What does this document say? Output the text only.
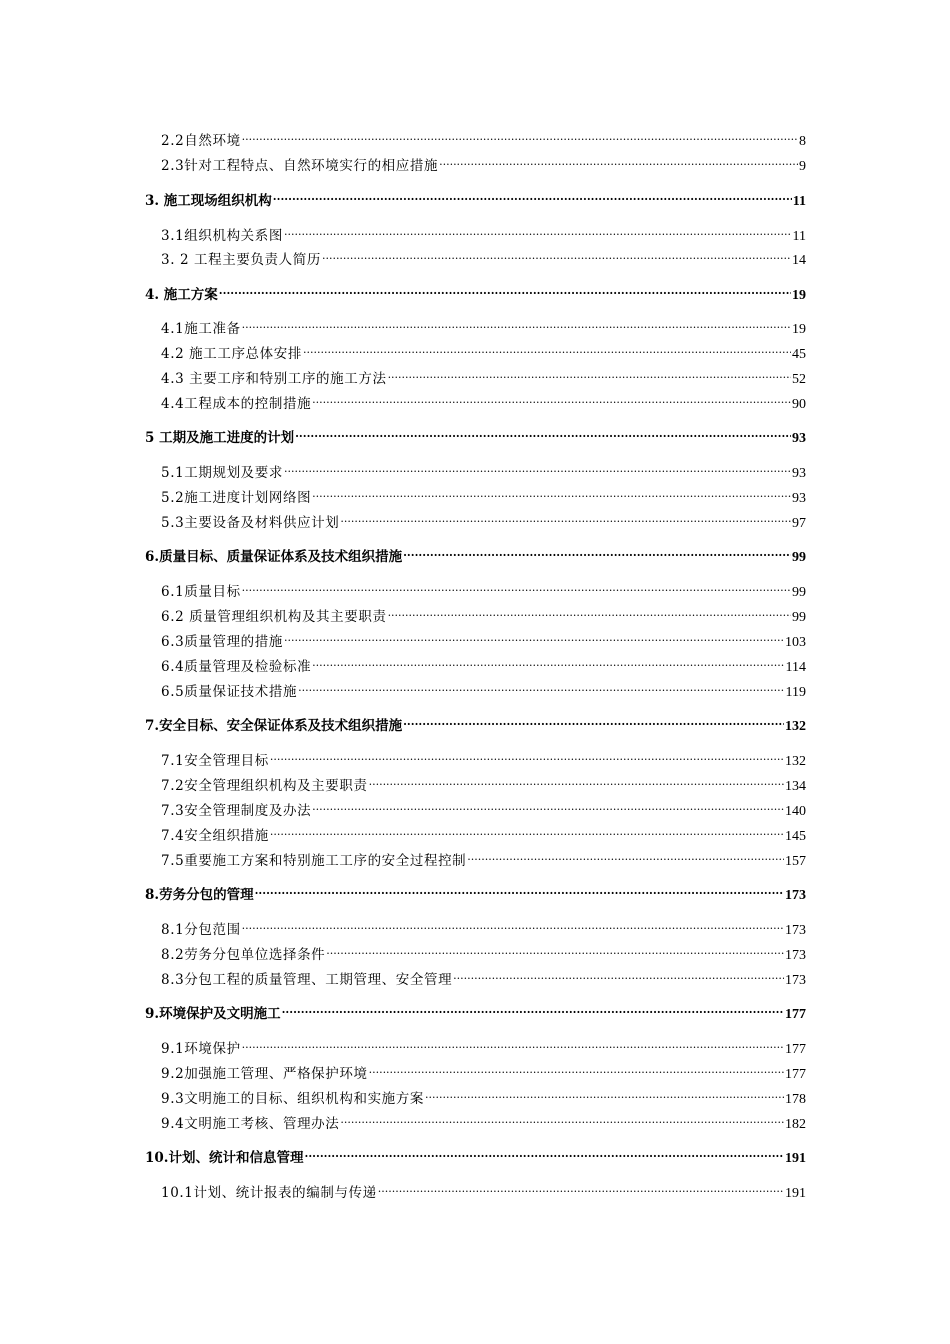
2.2自然环境 .....	8
2.3针对工程特点、自然环境实行的相应措施 .....	9
3. 施工现场组织机构 .....	11
3.1组织机构关系图 .....	11
3. 2 工程主要负责人简历 .....	14
4. 施工方案 .....	19
4.1施工准备 .....	19
4.2 施工工序总体安排 .....	45
4.3 主要工序和特别工序的施工方法 .....	52
4.4工程成本的控制措施 .....	90
5 工期及施工进度的计划 .....	93
5.1工期规划及要求 .....	93
5.2施工进度计划网络图 .....	93
5.3主要设备及材料供应计划 .....	97
6.质量目标、质量保证体系及技术组织措施 .....	99
6.1质量目标 .....	99
6.2 质量管理组织机构及其主要职责 .....	99
6.3质量管理的措施 .....	103
6.4质量管理及检验标准 .....	114
6.5质量保证技术措施 .....	119
7.安全目标、安全保证体系及技术组织措施 .....	132
7.1安全管理目标 .....	132
7.2安全管理组织机构及主要职责 .....	134
7.3安全管理制度及办法 .....	140
7.4安全组织措施 .....	145
7.5重要施工方案和特别施工工序的安全过程控制 .....	157
8.劳务分包的管理 .....	173
8.1分包范围 .....	173
8.2劳务分包单位选择条件 .....	173
8.3分包工程的质量管理、工期管理、安全管理 .....	173
9.环境保护及文明施工 .....	177
9.1环境保护 .....	177
9.2加强施工管理、严格保护环境 .....	177
9.3文明施工的目标、组织机构和实施方案 .....	178
9.4文明施工考核、管理办法 .....	182
10.计划、统计和信息管理 .....	191
10.1计划、统计报表的编制与传递 .....	191
